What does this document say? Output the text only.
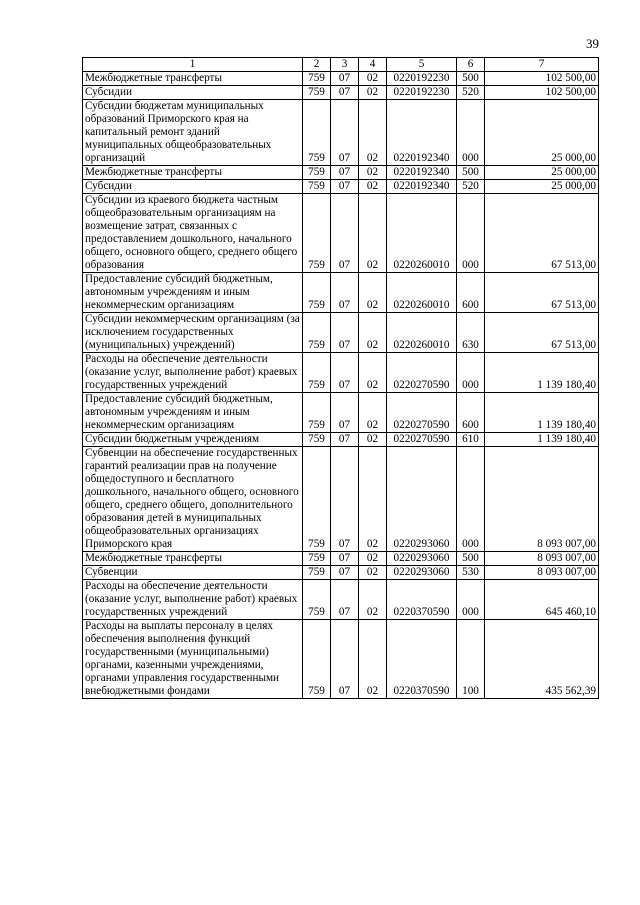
39
1	2	3	4	5	6	7
Межбюджетные трансферты	759	07	02	0220192230	500	102 500,00
Субсидии	759	07	02	0220192230	520	102 500,00
Субсидии бюджетам муниципальных образований Приморского края на капитальный ремонт зданий муниципальных общеобразовательных организаций	759	07	02	0220192340	000	25 000,00
Межбюджетные трансферты	759	07	02	0220192340	500	25 000,00
Субсидии	759	07	02	0220192340	520	25 000,00
Субсидии из краевого бюджета частным общеобразовательным организациям на возмещение затрат, связанных с предоставлением дошкольного, начального общего, основного общего, среднего общего образования	759	07	02	0220260010	000	67 513,00
Предоставление субсидий бюджетным, автономным учреждениям и иным некоммерческим организациям	759	07	02	0220260010	600	67 513,00
Субсидии некоммерческим организациям (за исключением государственных (муниципальных) учреждений)	759	07	02	0220260010	630	67 513,00
Расходы на обеспечение деятельности (оказание услуг, выполнение работ) краевых государственных учреждений	759	07	02	0220270590	000	1 139 180,40
Предоставление субсидий бюджетным, автономным учреждениям и иным некоммерческим организациям	759	07	02	0220270590	600	1 139 180,40
Субсидии бюджетным учреждениям	759	07	02	0220270590	610	1 139 180,40
Субвенции на обеспечение государственных гарантий реализации прав на получение общедоступного и бесплатного дошкольного, начального общего, основного общего, среднего общего, дополнительного образования детей в муниципальных общеобразовательных организациях Приморского края	759	07	02	0220293060	000	8 093 007,00
Межбюджетные трансферты	759	07	02	0220293060	500	8 093 007,00
Субвенции	759	07	02	0220293060	530	8 093 007,00
Расходы на обеспечение деятельности (оказание услуг, выполнение работ) краевых государственных учреждений	759	07	02	0220370590	000	645 460,10
Расходы на выплаты персоналу в целях обеспечения выполнения функций государственными (муниципальными) органами, казенными учреждениями, органами управления государственными внебюджетными фондами	759	07	02	0220370590	100	435 562,39
